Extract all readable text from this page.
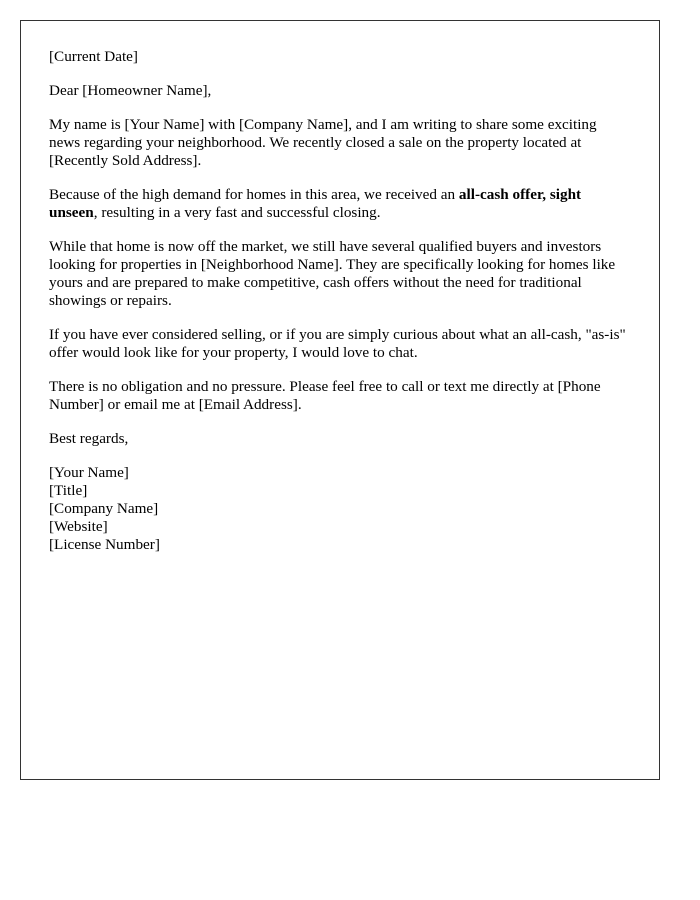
[Current Date]

Dear [Homeowner Name],

My name is [Your Name] with [Company Name], and I am writing to share some exciting news regarding your neighborhood. We recently closed a sale on the property located at [Recently Sold Address].

Because of the high demand for homes in this area, we received an all-cash offer, sight unseen, resulting in a very fast and successful closing.

While that home is now off the market, we still have several qualified buyers and investors looking for properties in [Neighborhood Name]. They are specifically looking for homes like yours and are prepared to make competitive, cash offers without the need for traditional showings or repairs.

If you have ever considered selling, or if you are simply curious about what an all-cash, "as-is" offer would look like for your property, I would love to chat.

There is no obligation and no pressure. Please feel free to call or text me directly at [Phone Number] or email me at [Email Address].

Best regards,

[Your Name]
[Title]
[Company Name]
[Website]
[License Number]
